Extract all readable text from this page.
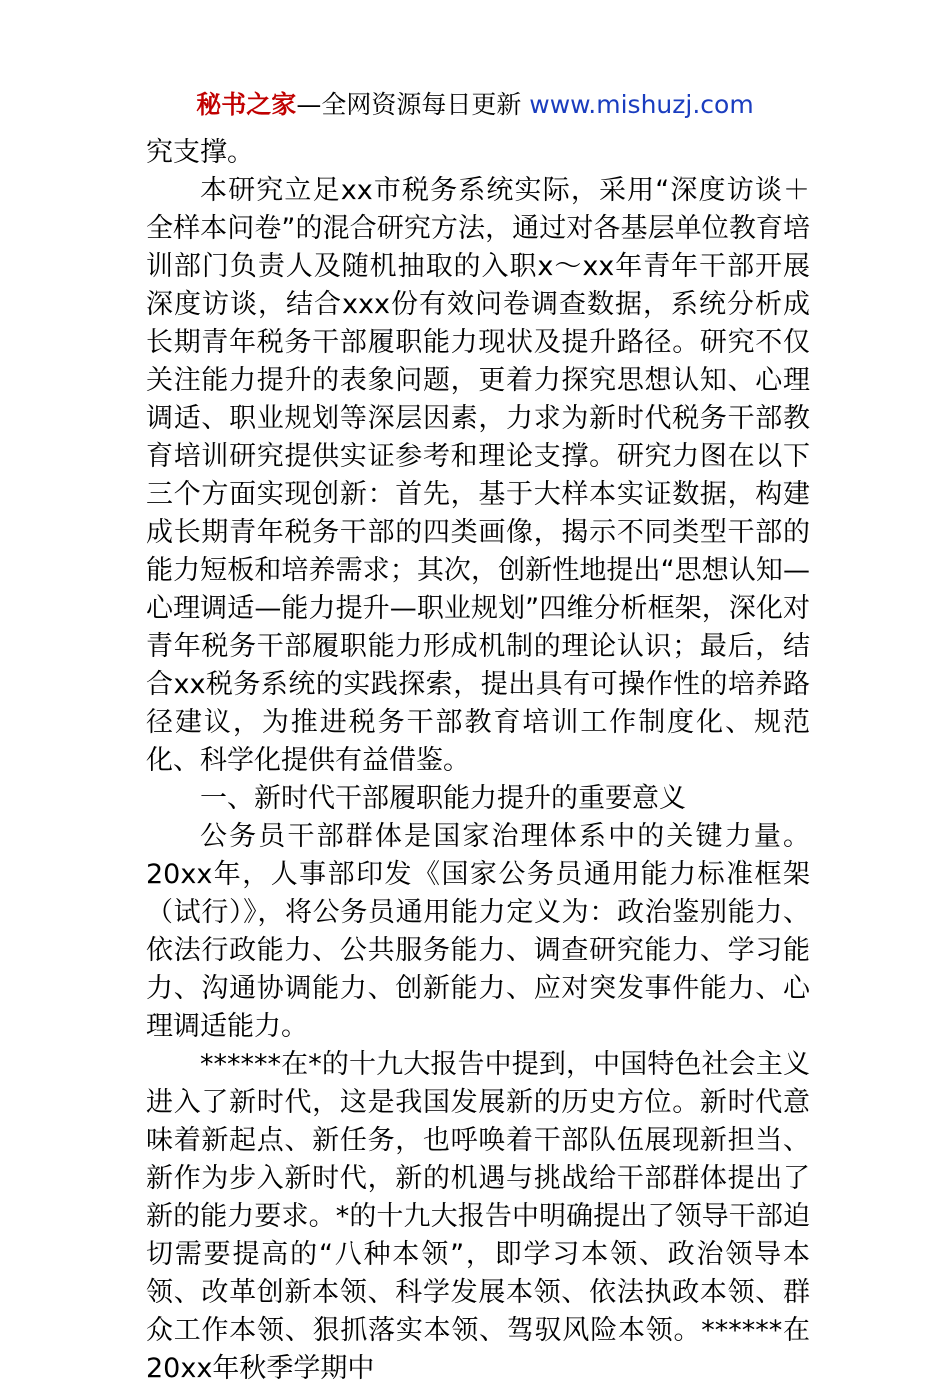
秘书之家—全网资源每日更新 www.mishuzj.com

究支撑。

本研究立足xx市税务系统实际，采用“深度访谈＋全样本问卷”的混合研究方法，通过对各基层单位教育培训部门负责人及随机抽取的入职x～xx年青年干部开展深度访谈，结合xxx份有效问卷调查数据，系统分析成长期青年税务干部履职能力现状及提升路径。研究不仅关注能力提升的表象问题，更着力探究思想认知、心理调适、职业规划等深层因素，力求为新时代税务干部教育培训研究提供实证参考和理论支撑。研究力图在以下三个方面实现创新：首先，基于大样本实证数据，构建成长期青年税务干部的四类画像，揭示不同类型干部的能力短板和培养需求；其次，创新性地提出“思想认知—心理调适—能力提升—职业规划”四维分析框架，深化对青年税务干部履职能力形成机制的理论认识；最后，结合xx税务系统的实践探索，提出具有可操作性的培养路径建议，为推进税务干部教育培训工作制度化、规范化、科学化提供有益借鉴。

一、新时代干部履职能力提升的重要意义

公务员干部群体是国家治理体系中的关键力量。20xx年，人事部印发《国家公务员通用能力标准框架（试行）》，将公务员通用能力定义为：政治鉴别能力、依法行政能力、公共服务能力、调查研究能力、学习能力、沟通协调能力、创新能力、应对突发事件能力、心理调适能力。

******在*的十九大报告中提到，中国特色社会主义进入了新时代，这是我国发展新的历史方位。新时代意味着新起点、新任务，也呼唤着干部队伍展现新担当、新作为步入新时代，新的机遇与挑战给干部群体提出了新的能力要求。*的十九大报告中明确提出了领导干部迫切需要提高的“八种本领”，即学习本领、政治领导本领、改革创新本领、科学发展本领、依法执政本领、群众工作本领、狠抓落实本领、驾驭风险本领。******在20xx年秋季学期中
